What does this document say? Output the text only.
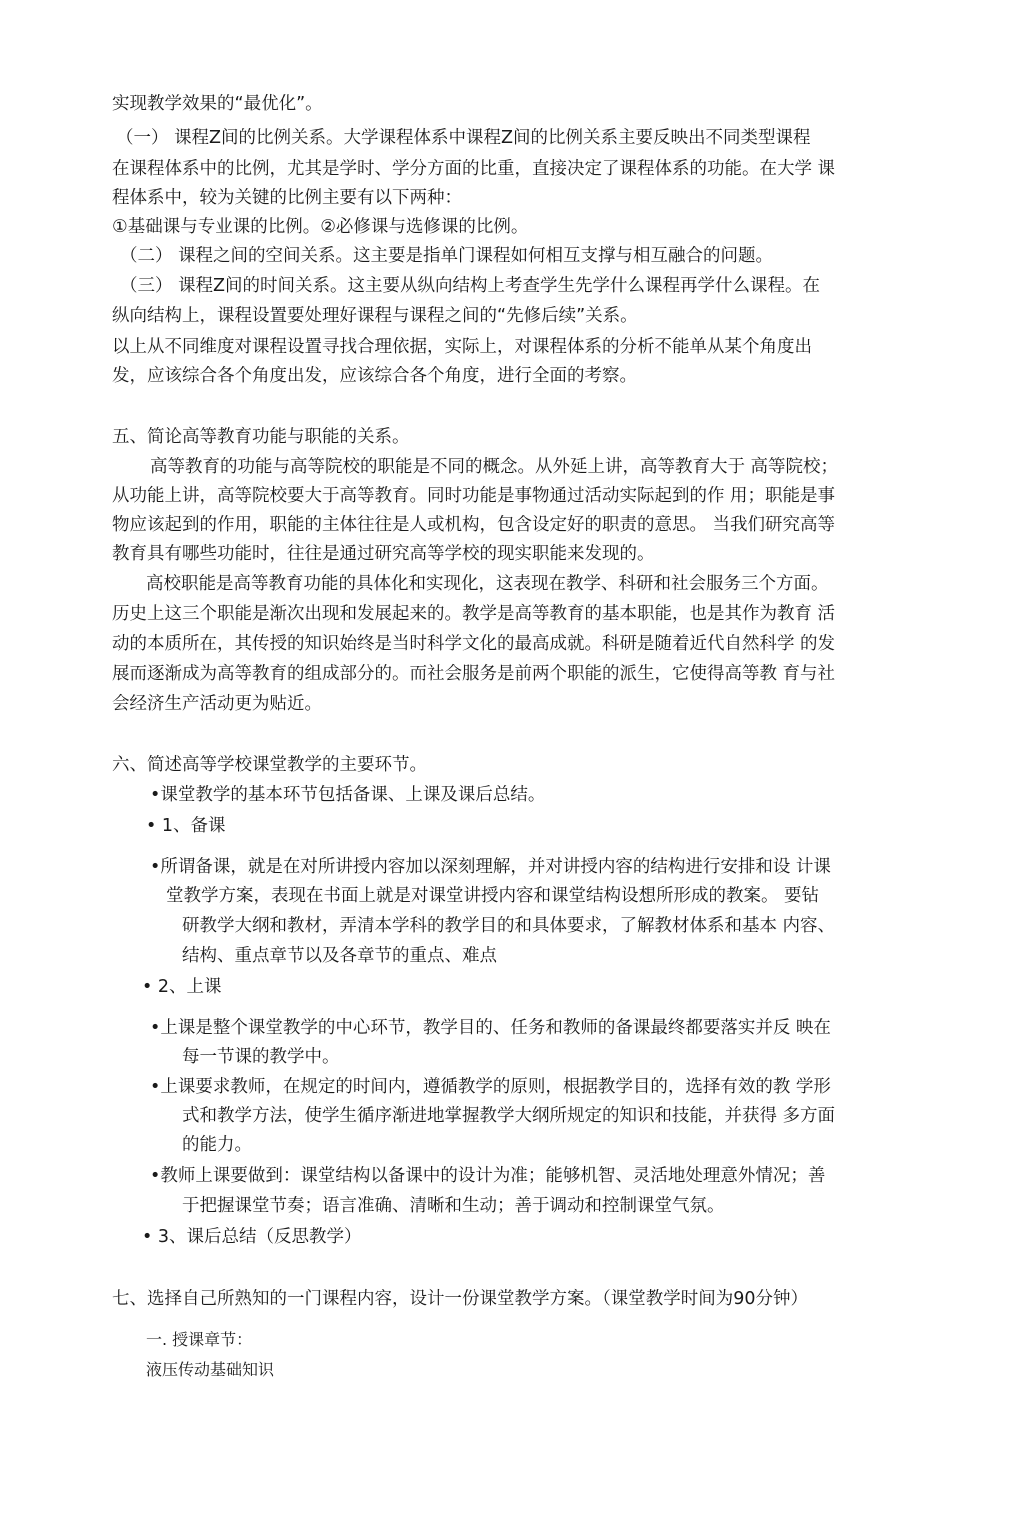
实现教学效果的“最优化”。

（一） 课程Z间的比例关系。大学课程体系中课程Z间的比例关系主要反映出不同类型课程

在课程体系中的比例，尤其是学时、学分方面的比重，直接决定了课程体系的功能。在大学 课

程体系中，较为关键的比例主要有以下两种：

①基础课与专业课的比例。②必修课与选修课的比例。

（二） 课程之间的空间关系。这主要是指单门课程如何相互支撑与相互融合的问题。

（三） 课程Z间的时间关系。这主要从纵向结构上考查学生先学什么课程再学什么课程。在

纵向结构上，课程设置要处理好课程与课程之间的“先修后续”关系。

以上从不同维度对课程设置寻找合理依据，实际上，对课程体系的分析不能单从某个角度出

发，应该综合各个角度出发，应该综合各个角度，进行全面的考察。

五、简论高等教育功能与职能的关系。

高等教育的功能与高等院校的职能是不同的概念。从外延上讲，高等教育大于 高等院校；

从功能上讲，高等院校要大于高等教育。同时功能是事物通过活动实际起到的作 用；职能是事

物应该起到的作用，职能的主体往往是人或机构，包含设定好的职责的意思。 当我们研究高等

教育具有哪些功能时，往往是通过研究高等学校的现实职能来发现的。

高校职能是高等教育功能的具体化和实现化，这表现在教学、科研和社会服务三个方面。

历史上这三个职能是渐次出现和发展起来的。教学是高等教育的基本职能，也是其作为教育 活

动的本质所在，其传授的知识始终是当时科学文化的最高成就。科研是随着近代自然科学 的发

展而逐渐成为高等教育的组成部分的。而社会服务是前两个职能的派生，它使得高等教 育与社

会经济生产活动更为贴近。

六、简述高等学校课堂教学的主要环节。

•课堂教学的基本环节包括备课、上课及课后总结。

• 1、备课

•所谓备课，就是在对所讲授内容加以深刻理解，并对讲授内容的结构进行安排和设 计课

堂教学方案，表现在书面上就是对课堂讲授内容和课堂结构设想所形成的教案。 要钻

研教学大纲和教材，弄清本学科的教学目的和具体要求，了解教材体系和基本 内容、

结构、重点章节以及各章节的重点、难点

• 2、上课

•上课是整个课堂教学的中心环节，教学目的、任务和教师的备课最终都要落实并反 映在

每一节课的教学中。

•上课要求教师，在规定的时间内，遵循教学的原则，根据教学目的，选择有效的教 学形

式和教学方法，使学生循序渐进地掌握教学大纲所规定的知识和技能，并获得 多方面

的能力。

•教师上课要做到：课堂结构以备课中的设计为准；能够机智、灵活地处理意外情况；善

于把握课堂节奏；语言准确、清晰和生动；善于调动和控制课堂气氛。

• 3、课后总结（反思教学）

七、选择自己所熟知的一门课程内容，设计一份课堂教学方案。（课堂教学时间为90分钟）

一. 授课章节：

液压传动基础知识
